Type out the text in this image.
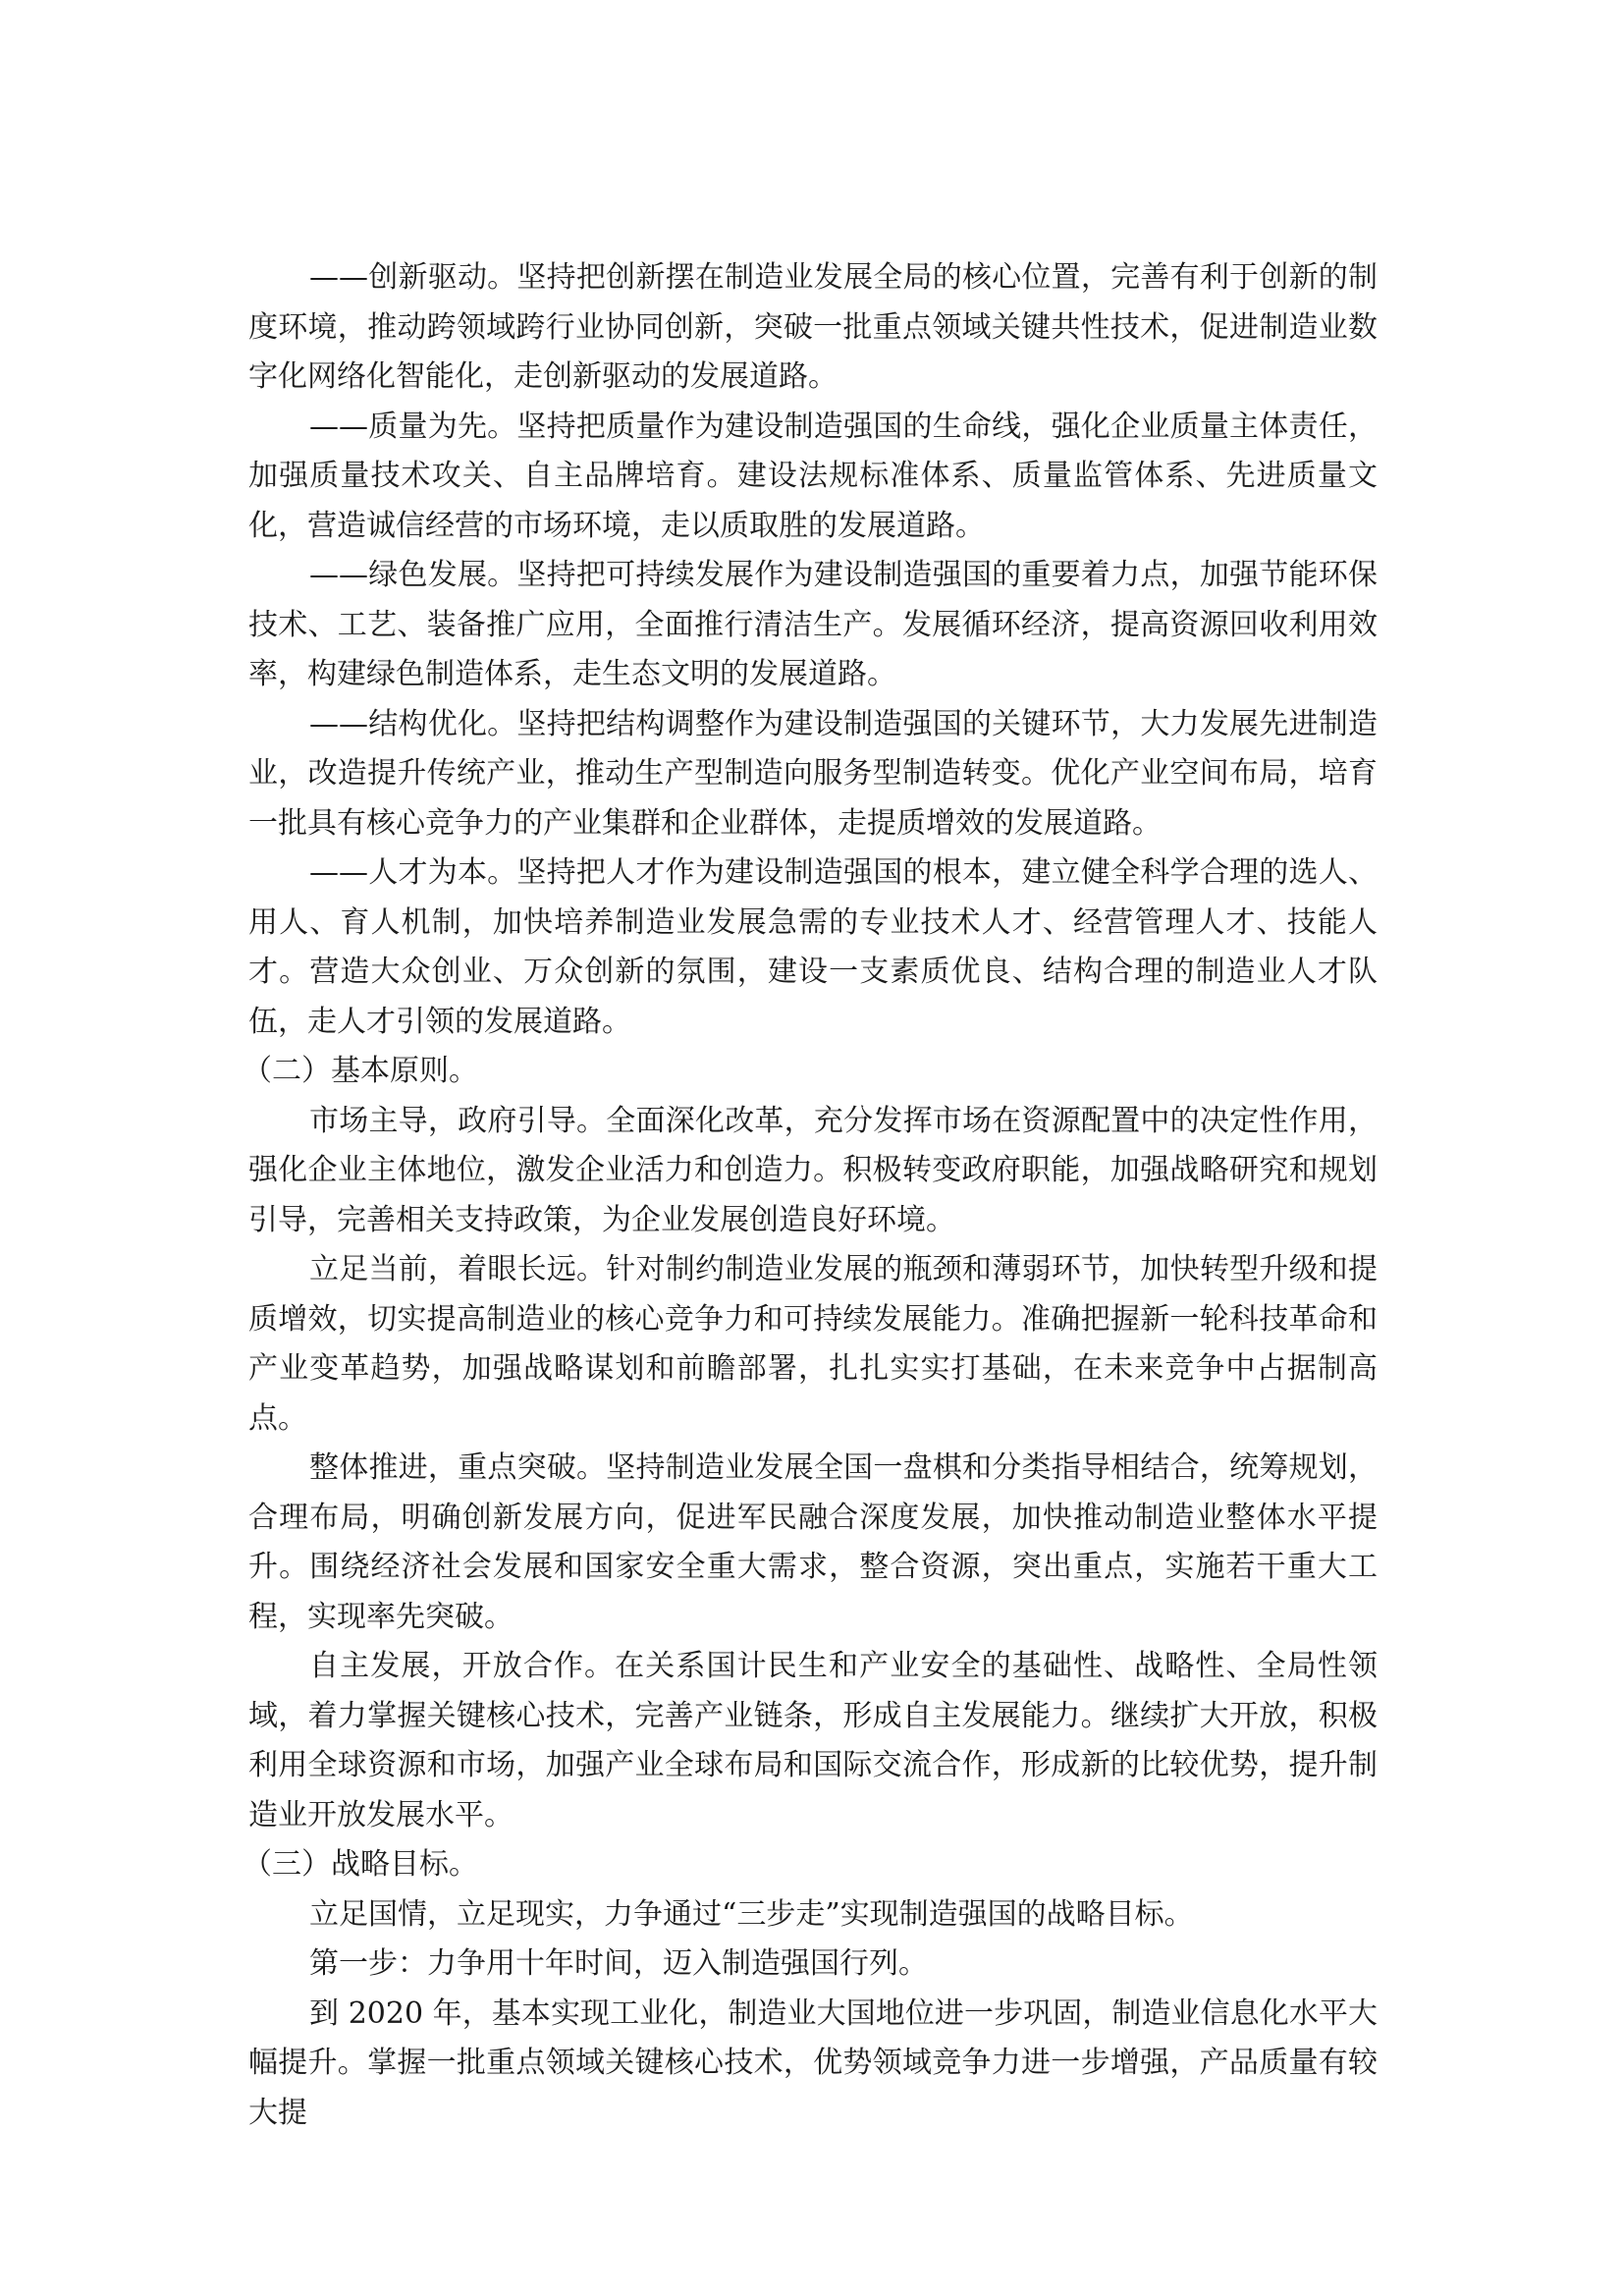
——创新驱动。坚持把创新摆在制造业发展全局的核心位置，完善有利于创新的制度环境，推动跨领域跨行业协同创新，突破一批重点领域关键共性技术，促进制造业数字化网络化智能化，走创新驱动的发展道路。

——质量为先。坚持把质量作为建设制造强国的生命线，强化企业质量主体责任，加强质量技术攻关、自主品牌培育。建设法规标准体系、质量监管体系、先进质量文化，营造诚信经营的市场环境，走以质取胜的发展道路。

——绿色发展。坚持把可持续发展作为建设制造强国的重要着力点，加强节能环保技术、工艺、装备推广应用，全面推行清洁生产。发展循环经济，提高资源回收利用效率，构建绿色制造体系，走生态文明的发展道路。

——结构优化。坚持把结构调整作为建设制造强国的关键环节，大力发展先进制造业，改造提升传统产业，推动生产型制造向服务型制造转变。优化产业空间布局，培育一批具有核心竞争力的产业集群和企业群体，走提质增效的发展道路。

——人才为本。坚持把人才作为建设制造强国的根本，建立健全科学合理的选人、用人、育人机制，加快培养制造业发展急需的专业技术人才、经营管理人才、技能人才。营造大众创业、万众创新的氛围，建设一支素质优良、结构合理的制造业人才队伍，走人才引领的发展道路。

（二）基本原则。

市场主导，政府引导。全面深化改革，充分发挥市场在资源配置中的决定性作用，强化企业主体地位，激发企业活力和创造力。积极转变政府职能，加强战略研究和规划引导，完善相关支持政策，为企业发展创造良好环境。

立足当前，着眼长远。针对制约制造业发展的瓶颈和薄弱环节，加快转型升级和提质增效，切实提高制造业的核心竞争力和可持续发展能力。准确把握新一轮科技革命和产业变革趋势，加强战略谋划和前瞻部署，扎扎实实打基础，在未来竞争中占据制高点。

整体推进，重点突破。坚持制造业发展全国一盘棋和分类指导相结合，统筹规划，合理布局，明确创新发展方向，促进军民融合深度发展，加快推动制造业整体水平提升。围绕经济社会发展和国家安全重大需求，整合资源，突出重点，实施若干重大工程，实现率先突破。

自主发展，开放合作。在关系国计民生和产业安全的基础性、战略性、全局性领域，着力掌握关键核心技术，完善产业链条，形成自主发展能力。继续扩大开放，积极利用全球资源和市场，加强产业全球布局和国际交流合作，形成新的比较优势，提升制造业开放发展水平。

（三）战略目标。

立足国情，立足现实，力争通过“三步走”实现制造强国的战略目标。

第一步：力争用十年时间，迈入制造强国行列。

到 2020 年，基本实现工业化，制造业大国地位进一步巩固，制造业信息化水平大幅提升。掌握一批重点领域关键核心技术，优势领域竞争力进一步增强，产品质量有较大提
